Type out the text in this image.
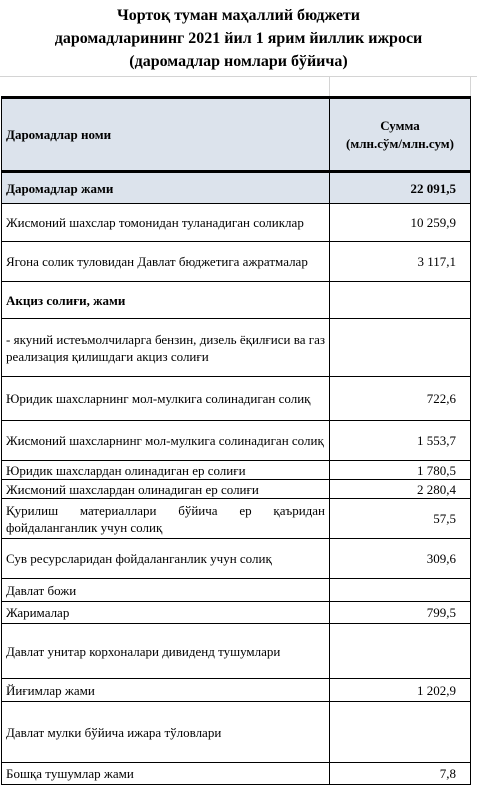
Чортоқ туман маҳаллий бюджети
даромадларининг 2021 йил 1 ярим йиллик ижроси
(даромадлар номлари бўйича)
Даромадлар номи	Сумма
(млн.сўм/млн.сум)

Даромадлар жами	22 091,5
Жисмоний шахслар томонидан туланадиган соликлар	10 259,9
Ягона солик туловидан Давлат бюджетига ажратмалар	3 117,1
Акциз солиғи, жами	
- якуний истеъмолчиларга бензин, дизель ёқилғиси ва газ реализация қилишдаги акциз солиғи	
Юридик шахсларнинг мол-мулкига солинадиган солиқ	722,6
Жисмоний шахсларнинг мол-мулкига солинадиган солиқ	1 553,7
Юридик шахслардан олинадиган ер солиғи	1 780,5
Жисмоний шахслардан олинадиган ер солиғи	2 280,4
Қурилиш материаллари бўйича ер қаъридан фойдаланганлик учун солиқ	57,5
Сув ресурсларидан фойдаланганлик учун солиқ	309,6
Давлат божи	
Жарималар	799,5
Давлат унитар корхоналари дивиденд тушумлари	
Йиғимлар жами	1 202,9
Давлат мулки бўйича ижара тўловлари	
Бошқа тушумлар жами	7,8
